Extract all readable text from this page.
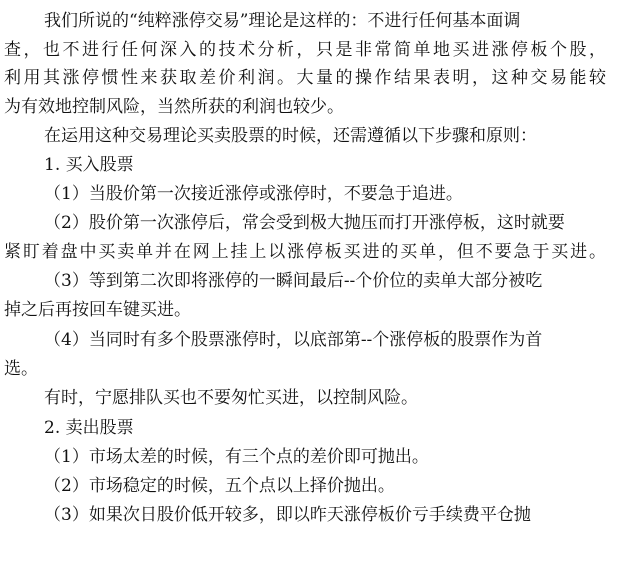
我们所说的“纯粹涨停交易”理论是这样的：不进行任何基本面调
查，也不进行任何深入的技术分析，只是非常简单地买进涨停板个股，
利用其涨停惯性来获取差价利润。大量的操作结果表明，这种交易能较
为有效地控制风险，当然所获的利润也较少。
在运用这种交易理论买卖股票的时候，还需遵循以下步骤和原则：
1. 买入股票
（1）当股价第一次接近涨停或涨停时，不要急于追进。
（2）股价第一次涨停后，常会受到极大抛压而打开涨停板，这时就要
紧盯着盘中买卖单并在网上挂上以涨停板买进的买单，但不要急于买进。
（3）等到第二次即将涨停的一瞬间最后--个价位的卖单大部分被吃
掉之后再按回车键买进。
（4）当同时有多个股票涨停时，以底部第--个涨停板的股票作为首
选。
有时，宁愿排队买也不要匆忙买进，以控制风险。
2. 卖出股票
（1）市场太差的时候，有三个点的差价即可抛出。
（2）市场稳定的时候，五个点以上择价抛出。
（3）如果次日股价低开较多，即以昨天涨停板价亏手续费平仓抛
